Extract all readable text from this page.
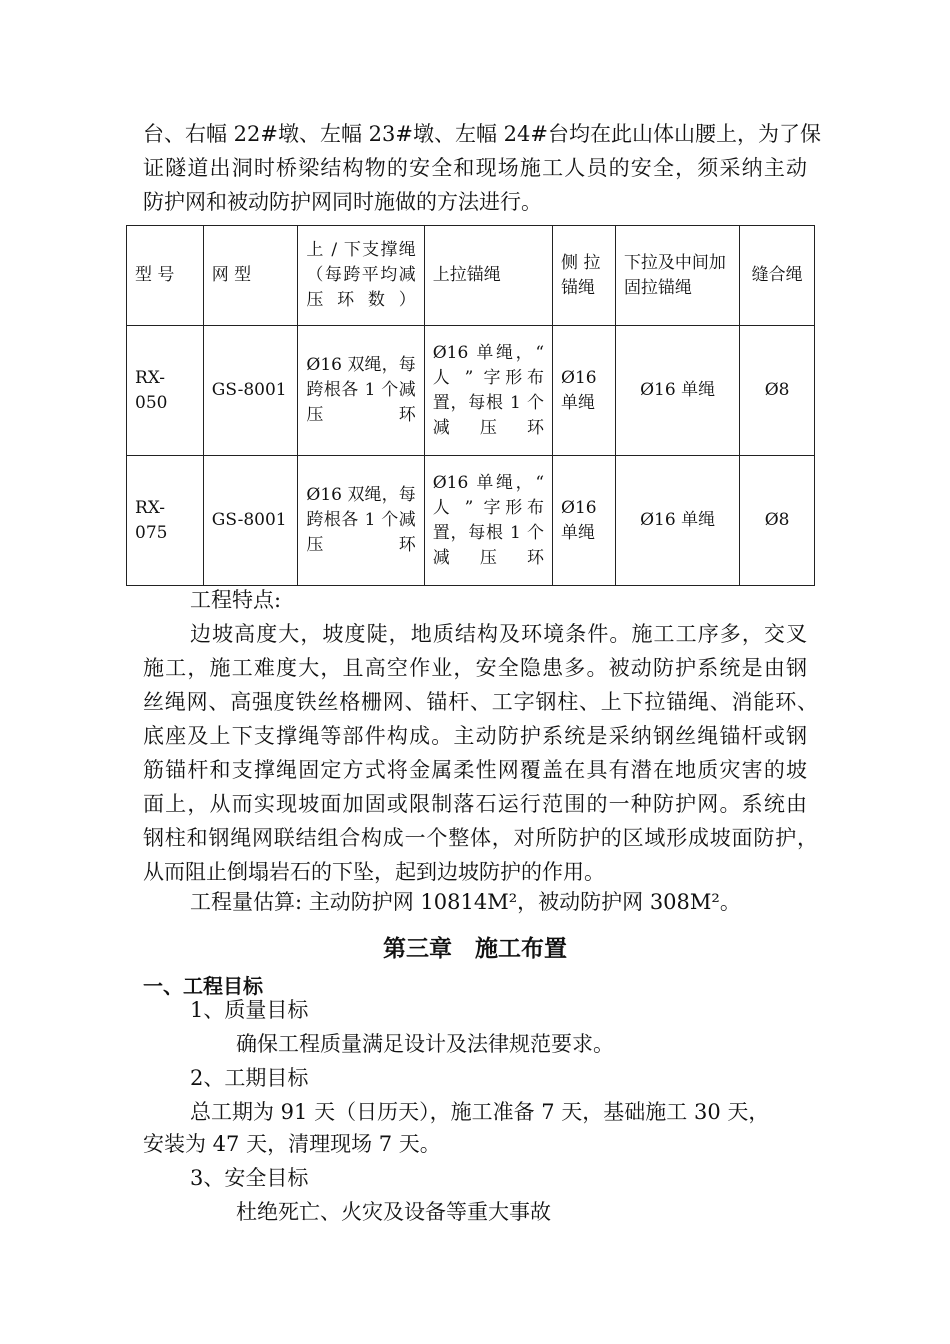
台、右幅 22#墩、左幅 23#墩、左幅 24#台均在此山体山腰上，为了保
证隧道出洞时桥梁结构物的安全和现场施工人员的安全，须采纳主动
防护网和被动防护网同时施做的方法进行。
型 号	网 型	上 / 下支撑绳（每跨平均减压环数）	上拉锚绳	侧 拉锚绳	下拉及中间加固拉锚绳	缝合绳
RX-050	GS-8001	Ø16 双绳，每跨根各 1 个减压环	Ø16 单绳，“ 人 ” 字形布置，每根 1 个减压环	Ø16 单绳	Ø16 单绳	Ø8
RX-075	GS-8001	Ø16 双绳，每跨根各 1 个减压环	Ø16 单绳，“ 人 ” 字形布置，每根 1 个减压环	Ø16 单绳	Ø16 单绳	Ø8
工程特点:
边坡高度大，坡度陡，地质结构及环境条件。施工工序多，交叉
施工，施工难度大，且高空作业，安全隐患多。被动防护系统是由钢
丝绳网、高强度铁丝格栅网、锚杆、工字钢柱、上下拉锚绳、消能环、
底座及上下支撑绳等部件构成。主动防护系统是采纳钢丝绳锚杆或钢
筋锚杆和支撑绳固定方式将金属柔性网覆盖在具有潜在地质灾害的坡
面上，从而实现坡面加固或限制落石运行范围的一种防护网。系统由
钢柱和钢绳网联结组合构成一个整体，对所防护的区域形成坡面防护，
从而阻止倒塌岩石的下坠，起到边坡防护的作用。
工程量估算: 主动防护网 10814M²，被动防护网 308M²。
第三章　施工布置
一、工程目标
1、质量目标
确保工程质量满足设计及法律规范要求。
2、工期目标
总工期为 91 天（日历天），施工准备 7 天，基础施工 30 天，
安装为 47 天，清理现场 7 天。
3、安全目标
杜绝死亡、火灾及设备等重大事故
